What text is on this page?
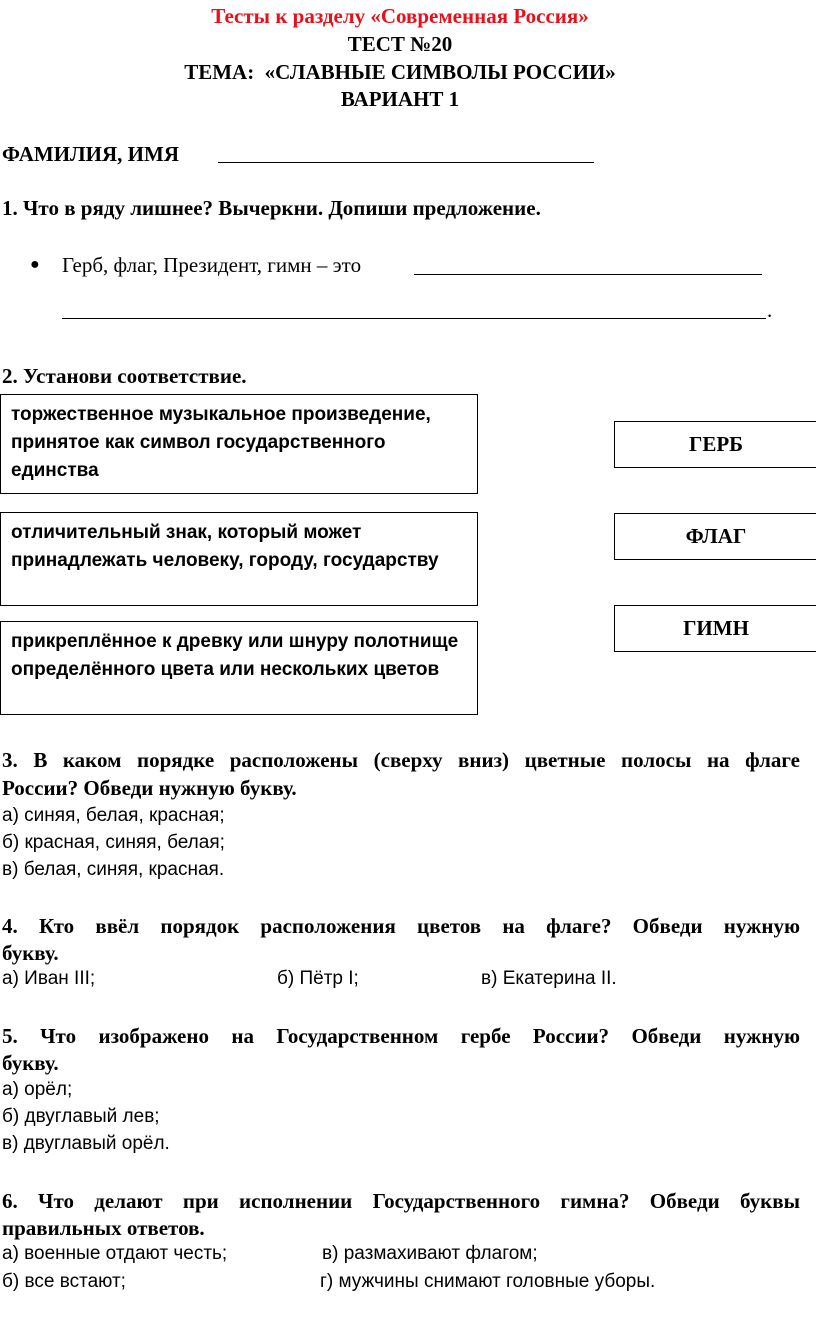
Тесты к разделу «Современная Россия»
ТЕСТ №20
ТЕМА:  «СЛАВНЫЕ СИМВОЛЫ РОССИИ»
ВАРИАНТ 1
ФАМИЛИЯ, ИМЯ
1. Что в ряду лишнее? Вычеркни. Допиши предложение.
● Герб, флаг, Президент, гимн – это
.
2. Установи соответствие.
торжественное музыкальное произведение, принятое как символ государственного единства
отличительный знак, который может принадлежать человеку, городу, государству
прикреплённое к древку или шнуру полотнище определённого цвета или нескольких цветов
ГЕРБ
ФЛАГ
ГИМН
3. В каком порядке расположены (сверху вниз) цветные полосы на флаге
России? Обведи нужную букву.
а) синяя, белая, красная;
б) красная, синяя, белая;
в) белая, синяя, красная.
4. Кто ввёл порядок расположения цветов на флаге? Обведи нужную
букву.
а) Иван III;	б) Пётр I;	в) Екатерина II.
5. Что изображено на Государственном гербе России? Обведи нужную
букву.
а) орёл;
б) двуглавый лев;
в) двуглавый орёл.
6. Что делают при исполнении Государственного гимна? Обведи буквы
правильных ответов.
а) военные отдают честь;	в) размахивают флагом;
б) все встают;	г) мужчины снимают головные уборы.
